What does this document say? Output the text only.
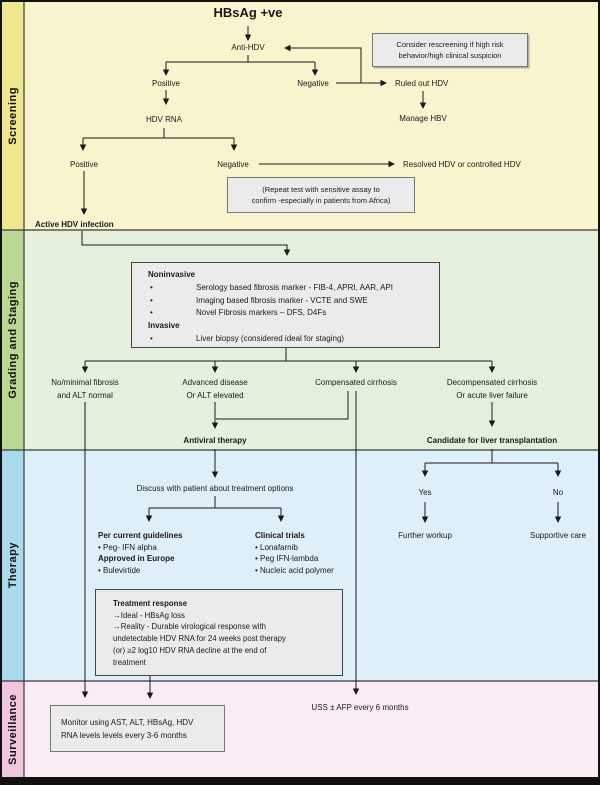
Screening
Grading and Staging
Therapy
Surveillance
HBsAg +ve
Anti-HDV	Consider rescreening if high risk
behavior/high clinical suspicion
Positive	Negative	Ruled out HDV
Manage HBV
HDV RNA
Positive	Negative	Resolved HDV or controlled HDV
(Repeat test with sensitive assay to
confirm -especially in patients from Africa)
Active HDV infection
Noninvasive
•	Serology based fibrosis marker - FIB-4, APRI, AAR, API
•	Imaging based fibrosis marker - VCTE and SWE
•	Novel Fibrosis markers – DFS, D4Fs
Invasive
•	Liver biopsy (considered ideal for staging)
No/minimal fibrosis
and ALT normal
Advanced disease
Or ALT elevated
Compensated cirrhosis	Decompensated cirrhosis
Or acute liver failure
Antiviral therapy	Candidate for liver transplantation
Discuss with patient about treatment options
Per current guidelines
• Peg- IFN alpha
Approved in Europe
• Bulevirtide
Clinical trials
• Lonafarnib
• Peg IFN-lambda
• Nucleic acid polymer
Yes	No
Further workup	Supportive care
Treatment response
→Ideal - HBsAg loss
→Reality - Durable virological response with
undetectable HDV RNA for 24 weeks post therapy
(or) ≥2 log10 HDV RNA decline at the end of
treatment
Monitor using AST, ALT, HBsAg, HDV
RNA levels levels every 3-6 months
USS ± AFP every 6 months
